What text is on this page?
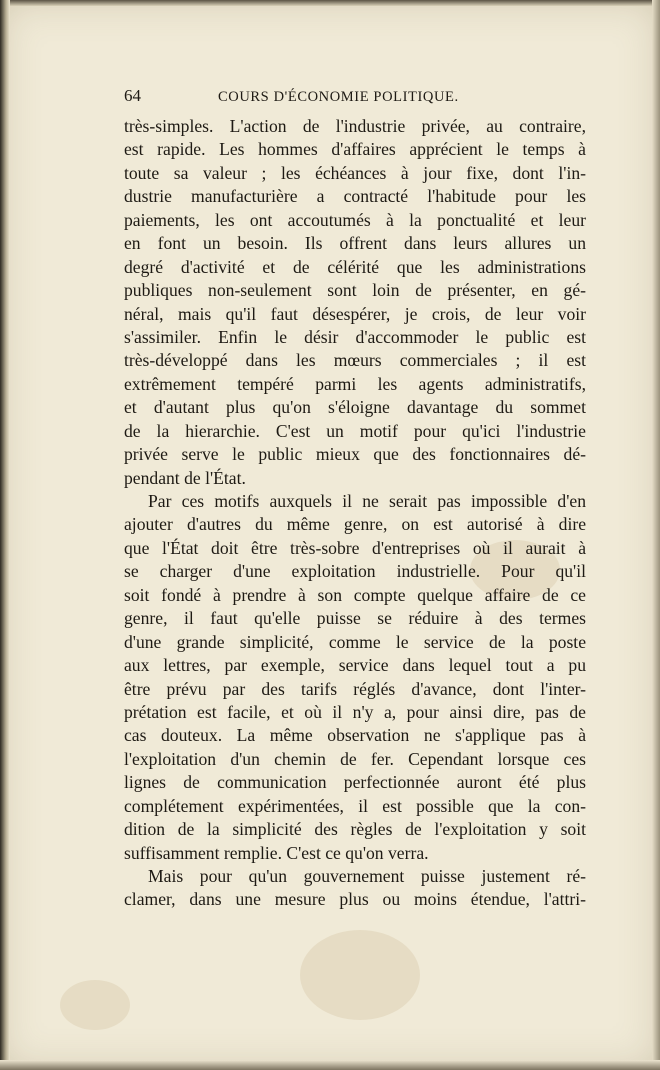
64	COURS D'ÉCONOMIE POLITIQUE.
très-simples. L'action de l'industrie privée, au contraire,
est rapide. Les hommes d'affaires apprécient le temps à
toute sa valeur ; les échéances à jour fixe, dont l'in-
dustrie manufacturière a contracté l'habitude pour les
paiements, les ont accoutumés à la ponctualité et leur
en font un besoin. Ils offrent dans leurs allures un
degré d'activité et de célérité que les administrations
publiques non-seulement sont loin de présenter, en gé-
néral, mais qu'il faut désespérer, je crois, de leur voir
s'assimiler. Enfin le désir d'accommoder le public est
très-développé dans les mœurs commerciales ; il est
extrêmement tempéré parmi les agents administratifs,
et d'autant plus qu'on s'éloigne davantage du sommet
de la hierarchie. C'est un motif pour qu'ici l'industrie
privée serve le public mieux que des fonctionnaires dé-
pendant de l'État.
Par ces motifs auxquels il ne serait pas impossible d'en
ajouter d'autres du même genre, on est autorisé à dire
que l'État doit être très-sobre d'entreprises où il aurait à
se charger d'une exploitation industrielle. Pour qu'il
soit fondé à prendre à son compte quelque affaire de ce
genre, il faut qu'elle puisse se réduire à des termes
d'une grande simplicité, comme le service de la poste
aux lettres, par exemple, service dans lequel tout a pu
être prévu par des tarifs réglés d'avance, dont l'inter-
prétation est facile, et où il n'y a, pour ainsi dire, pas de
cas douteux. La même observation ne s'applique pas à
l'exploitation d'un chemin de fer. Cependant lorsque ces
lignes de communication perfectionnée auront été plus
complétement expérimentées, il est possible que la con-
dition de la simplicité des règles de l'exploitation y soit
suffisamment remplie. C'est ce qu'on verra.
Mais pour qu'un gouvernement puisse justement ré-
clamer, dans une mesure plus ou moins étendue, l'attri-
